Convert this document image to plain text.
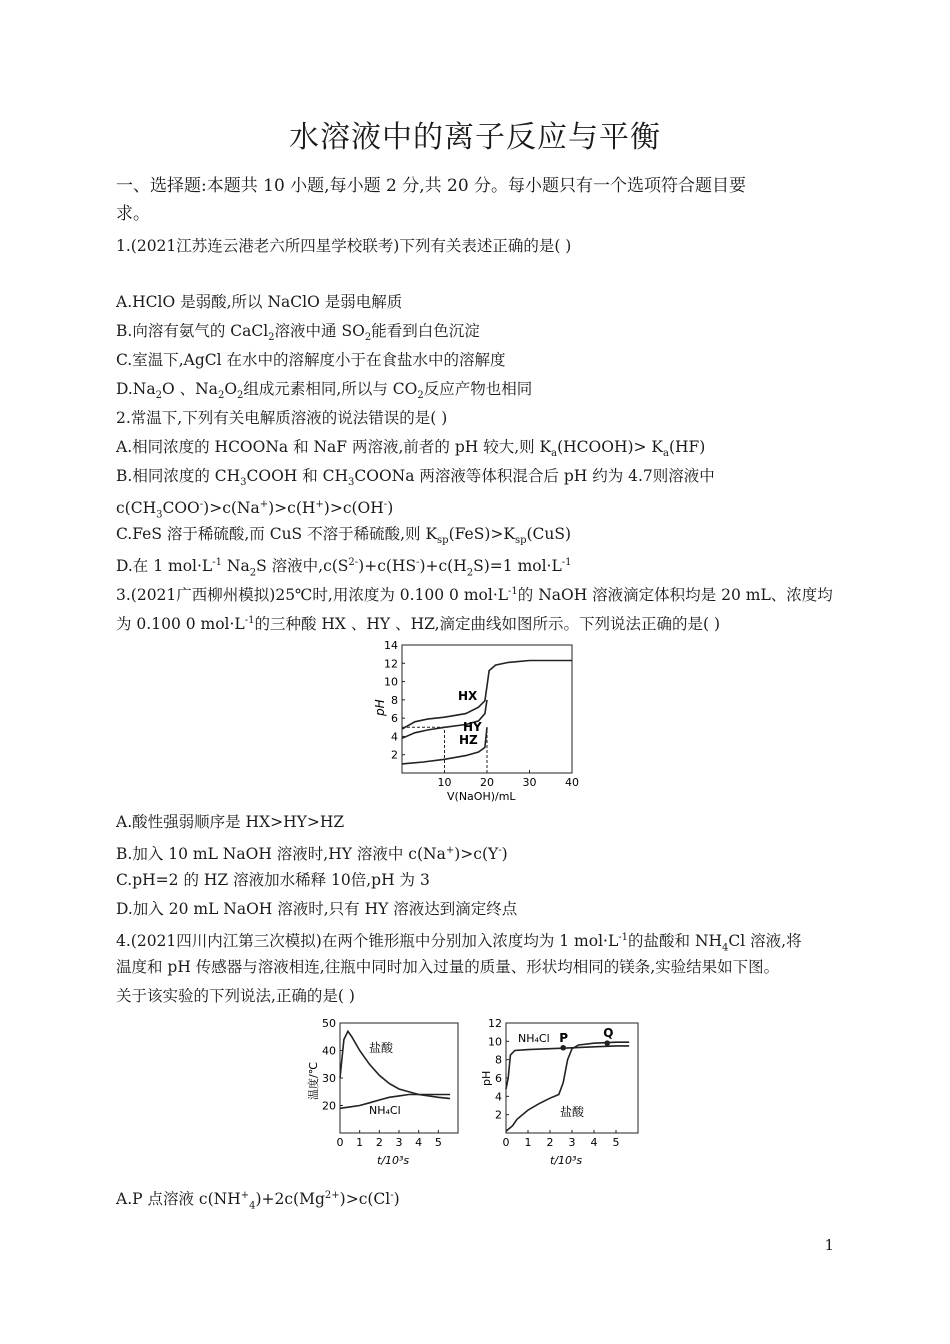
水溶液中的离子反应与平衡
一、选择题:本题共 10 小题,每小题 2 分,共 20 分。每小题只有一个选项符合题目要
求。
1.(2021江苏连云港老六所四星学校联考)下列有关表述正确的是( )
A.HClO 是弱酸,所以 NaClO 是弱电解质
B.向溶有氨气的 CaCl$_2$溶液中通 $SO_2$能看到白色沉淀
C.室温下,AgCl 在水中的溶解度小于在食盐水中的溶解度
$D.Na_2O$ 、$Na_2O_2$组成元素相同,所以与 $CO_2$反应产物也相同
2.常温下,下列有关电解质溶液的说法错误的是( )
A.相同浓度的 HCOONa 和 NaF 两溶液,前者的 pH 较大,则 $K_a(HCOOH)> K_a(HF)$
B.相同浓度的 $CH_3COOH$ 和 $CH_3COONa$ 两溶液等体积混合后 pH 约为 4.7则溶液中
$c(CH_3COO^-)>c(Na^+)>c(H^+)>c(OH^-)$
C.FeS 溶于稀硫酸,而 CuS 不溶于稀硫酸,则 $K_{sp}(FeS)>K_{sp}(CuS)$
D.在 1 $mol\cdot L^{-1}$ $Na_2S$ 溶液中$,c(S^{2-})+c(HS^-)+c(H_2S)=1$ $mol\cdot L^{-1}$
3.(2021广西柳州模拟)25℃时,用浓度为 0.100 0 $mol\cdot L^{-1}$的 NaOH 溶液滴定体积均是 20 mL、浓度均
为 0.100 0 $mol\cdot L^{-1}$的三种酸 HX 、HY 、HZ,滴定曲线如图所示。下列说法正确的是( )
10	20	30	40
2
4
6
8
10
12
14
pH
V(NaOH)/mL
HX
HY
HZ
A.酸性强弱顺序是 HX>HY>HZ
B.加入 10 mL NaOH 溶液时,HY 溶液中 c(Na+)>c(Y-)
C.pH=2 的 HZ 溶液加水稀释 10倍,pH 为 3
D.加入 20 mL NaOH 溶液时,只有 HY 溶液达到滴定终点
4.(2021四川内江第三次模拟)在两个锥形瓶中分别加入浓度均为 1 $mol\cdot L^{-1}$的盐酸和 $NH_4Cl$ 溶液,将
温度和 pH 传感器与溶液相连,往瓶中同时加入过量的质量、形状均相同的镁条,实验结果如下图。
关于该实验的下列说法,正确的是( )
0 1 2 3 4 5
20
30
40
50
温度/℃
t/10³s
盐酸
NH₄Cl
0 1 2 3 4 5
2
4
6
8
10
12
P	Q
pH
t/10³s
NH₄Cl
盐酸
A.P 点溶液 $c(NH^+_4)+2c(Mg^{2+})>c(Cl^-)$
1
